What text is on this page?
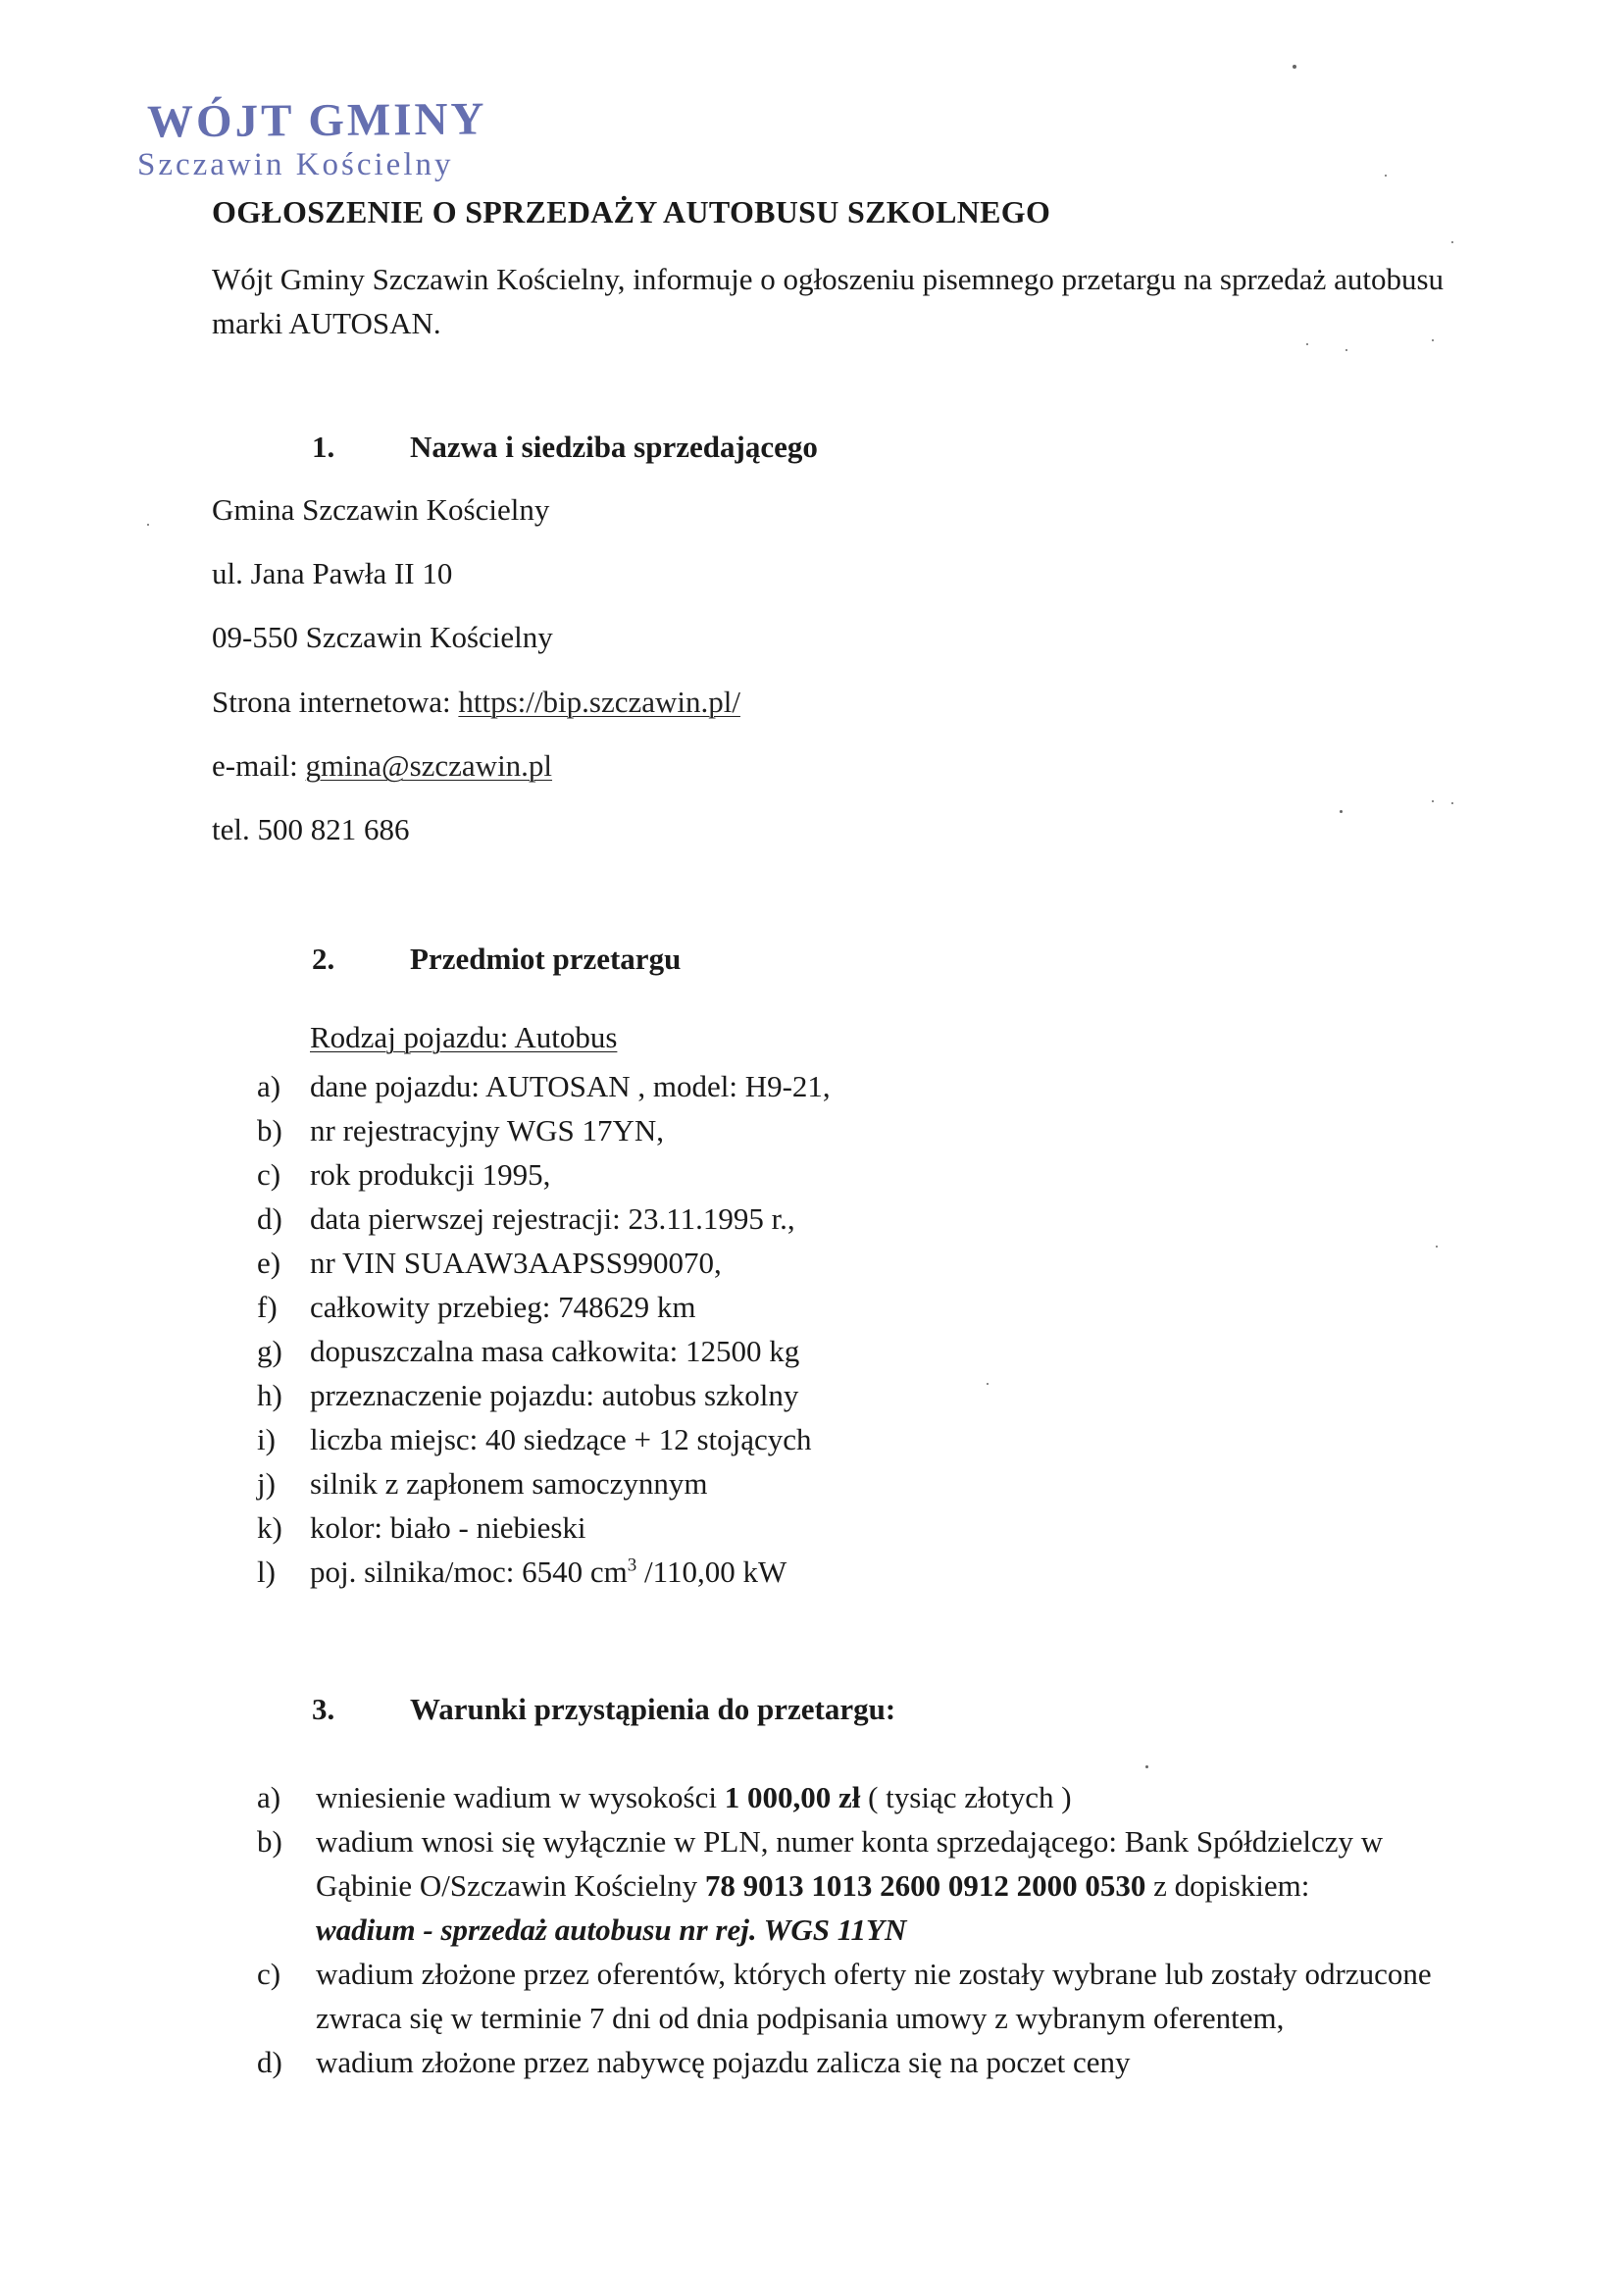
WÓJT GMINY
Szczawin Kościelny
OGŁOSZENIE O SPRZEDAŻY AUTOBUSU SZKOLNEGO
Wójt Gminy Szczawin Kościelny, informuje o ogłoszeniu pisemnego przetargu na sprzedaż autobusu marki AUTOSAN.
1. Nazwa i siedziba sprzedającego
Gmina Szczawin Kościelny
ul. Jana Pawła II 10
09-550 Szczawin Kościelny
Strona internetowa: https://bip.szczawin.pl/
e-mail: gmina@szczawin.pl
tel. 500 821 686
2. Przedmiot przetargu
Rodzaj pojazdu: Autobus
a) dane pojazdu: AUTOSAN , model: H9-21,
b) nr rejestracyjny WGS 17YN,
c) rok produkcji 1995,
d) data pierwszej rejestracji: 23.11.1995 r.,
e) nr VIN SUAAW3AAPSS990070,
f)	całkowity przebieg: 748629 km
g) dopuszczalna masa całkowita: 12500 kg
h) przeznaczenie pojazdu: autobus szkolny
i)	liczba miejsc: 40 siedzące + 12 stojących
j)	silnik z zapłonem samoczynnym
k) kolor: biało - niebieski
l)	poj. silnika/moc: 6540 $cm^3$ /110,00 kW
3. Warunki przystąpienia do przetargu:
a)	wniesienie wadium w wysokości 1 000,00 zł ( tysiąc złotych )
b)	wadium wnosi się wyłącznie w PLN, numer konta sprzedającego: Bank Spółdzielczy w Gąbinie O/Szczawin Kościelny 78 9013 1013 2600 0912 2000 0530 z dopiskiem:
wadium - sprzedaż autobusu nr rej. WGS 11YN
c)	wadium złożone przez oferentów, których oferty nie zostały wybrane lub zostały odrzucone zwraca się w terminie 7 dni od dnia podpisania umowy z wybranym oferentem,
d)	wadium złożone przez nabywcę pojazdu zalicza się na poczet ceny
